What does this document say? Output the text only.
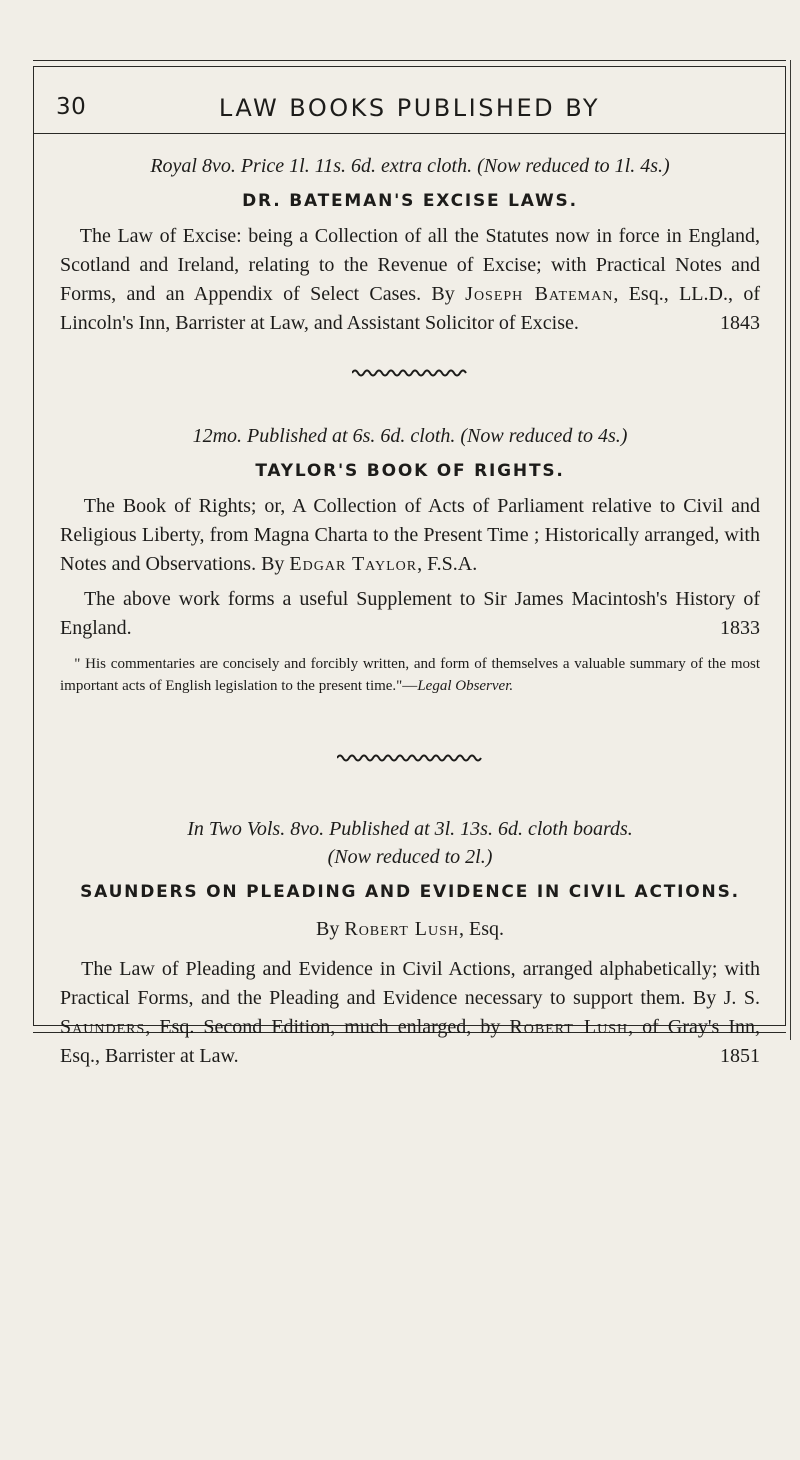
30	LAW BOOKS PUBLISHED BY

Royal 8vo. Price 1l. 11s. 6d. extra cloth. (Now reduced to 1l. 4s.)

DR. BATEMAN'S EXCISE LAWS.

The Law of Excise: being a Collection of all the Statutes now in force in England, Scotland and Ireland, relating to the Revenue of Excise; with Practical Notes and Forms, and an Appendix of Select Cases. By Joseph Bateman, Esq., LL.D., of Lincoln's Inn, Barrister at Law, and Assistant Solicitor of Excise.	1843

12mo. Published at 6s. 6d. cloth. (Now reduced to 4s.)

TAYLOR'S BOOK OF RIGHTS.

The Book of Rights; or, A Collection of Acts of Parliament relative to Civil and Religious Liberty, from Magna Charta to the Present Time ; Historically arranged, with Notes and Observations. By Edgar Taylor, F.S.A.

The above work forms a useful Supplement to Sir James Macintosh's History of England.	1833

" His commentaries are concisely and forcibly written, and form of themselves a valuable summary of the most important acts of English legislation to the present time."—Legal Observer.

In Two Vols. 8vo. Published at 3l. 13s. 6d. cloth boards.

(Now reduced to 2l.)

SAUNDERS ON PLEADING AND EVIDENCE IN CIVIL ACTIONS.

By Robert Lush, Esq.

The Law of Pleading and Evidence in Civil Actions, arranged alphabetically; with Practical Forms, and the Pleading and Evidence necessary to support them. By J. S. Saunders, Esq. Second Edition, much enlarged, by Robert Lush, of Gray's Inn, Esq., Barrister at Law.	1851
